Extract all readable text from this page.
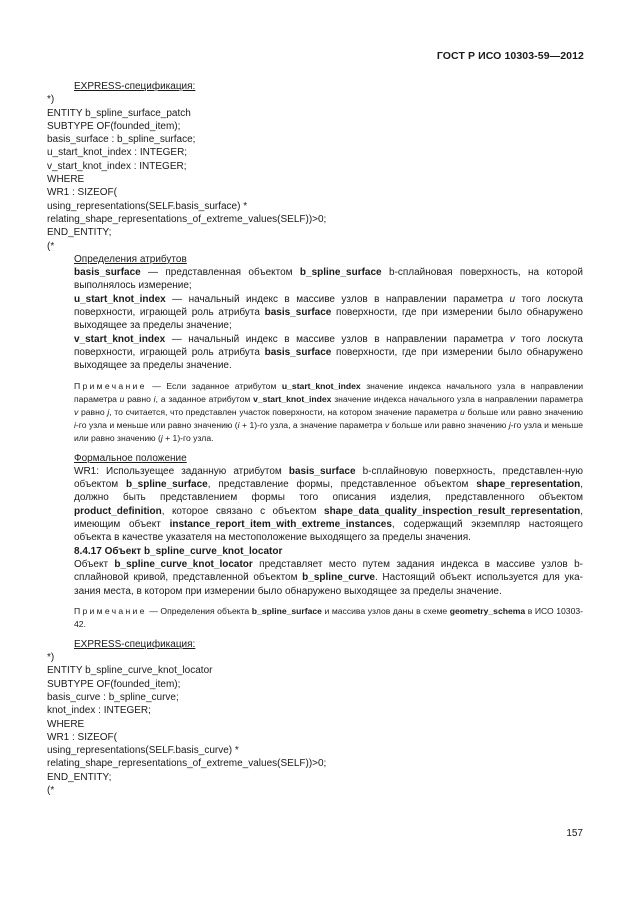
ГОСТ Р ИСО 10303-59—2012
EXPRESS-спецификация:
*)
ENTITY b_spline_surface_patch
SUBTYPE OF(founded_item);
basis_surface : b_spline_surface;
u_start_knot_index : INTEGER;
v_start_knot_index : INTEGER;
WHERE
WR1 : SIZEOF(
using_representations(SELF.basis_surface) *
relating_shape_representations_of_extreme_values(SELF))>0;
END_ENTITY;
(*
Определения атрибутов
basis_surface — представленная объектом b_spline_surface b-сплайновая поверхность, на которой выполнялось измерение;
u_start_knot_index — начальный индекс в массиве узлов в направлении параметра u того лоскута поверхности, играющей роль атрибута basis_surface поверхности, где при измерении было обнаружено выходящее за пределы значение;
v_start_knot_index — начальный индекс в массиве узлов в направлении параметра v того лоскута поверхности, играющей роль атрибута basis_surface поверхности, где при измерении было обнаружено выходящее за пределы значение.
Примечание — Если заданное атрибутом u_start_knot_index значение индекса начального узла в направлении параметра u равно i, а заданное атрибутом v_start_knot_index значение индекса начального узла в направлении параметра v равно j, то считается, что представлен участок поверхности, на котором значение параметра u больше или равно значению i-го узла и меньше или равно значению (i + 1)-го узла, а значение параметра v больше или равно значению j-го узла и меньше или равно значению (j + 1)-го узла.
Формальное положение
WR1: Используещее заданную атрибутом basis_surface b-сплайновую поверхность, представлен-ную объектом b_spline_surface, представление формы, представленное объектом shape_representation, должно быть представлением формы того описания изделия, представленного объектом product_definition, которое связано с объектом shape_data_quality_inspection_result_representation, имеющим объект instance_report_item_with_extreme_instances, содержащий экземпляр настоящего объекта в качестве указателя на местоположение выходящего за пределы значения.
8.4.17 Объект b_spline_curve_knot_locator
Объект b_spline_curve_knot_locator представляет место путем задания индекса в массиве узлов b-сплайновой кривой, представленной объектом b_spline_curve. Настоящий объект используется для ука-зания места, в котором при измерении было обнаружено выходящее за пределы значение.
Примечание — Определения объекта b_spline_surface и массива узлов даны в схеме geometry_schema в ИСО 10303-42.
EXPRESS-спецификация:
*)
ENTITY b_spline_curve_knot_locator
SUBTYPE OF(founded_item);
basis_curve : b_spline_curve;
knot_index : INTEGER;
WHERE
WR1 : SIZEOF(
using_representations(SELF.basis_curve) *
relating_shape_representations_of_extreme_values(SELF))>0;
END_ENTITY;
(*
157
